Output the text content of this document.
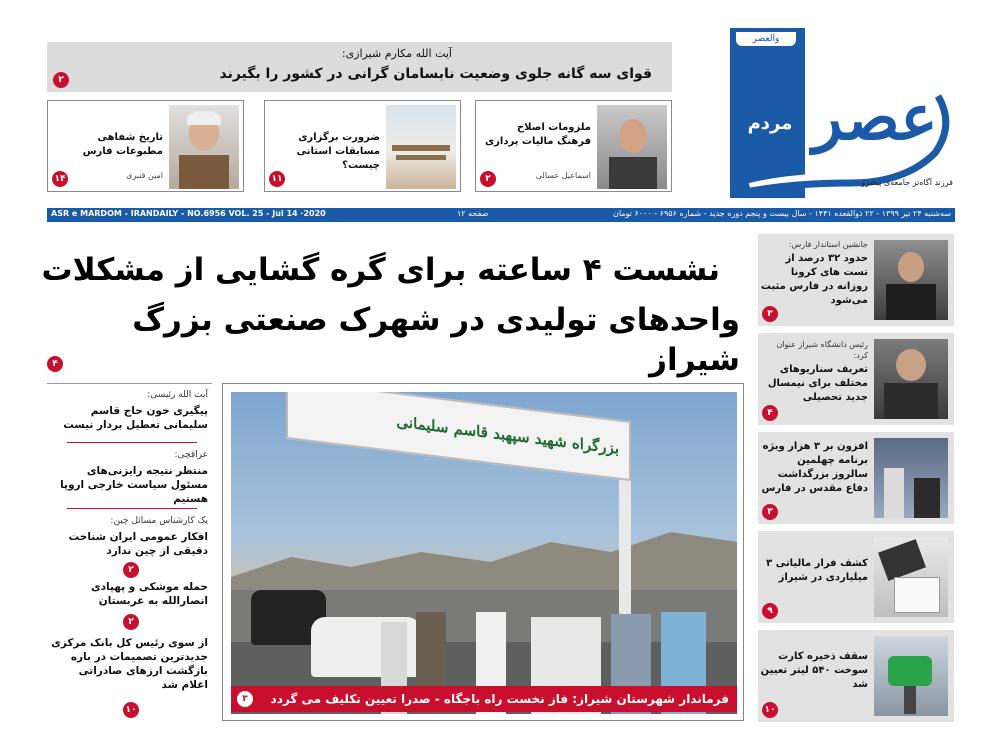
والعصر
عصر
مردم
فرزند آگاه‌تر جامعه‌ی پیشرو
آیت الله مکارم شیرازی:
قوای سه گانه جلوی وضعیت نابسامان گرانی در کشور را بگیرند
۲
ملزومات اصلاح فرهنگ مالیات پردازی
اسماعیل عسالی
۲
ضرورت برگزاری مسابقات استانی چیست؟
۱۱
تاریخ شفاهی مطبوعات فارس
امین قنبری
۱۴
ASR e MARDOM - IRANDAILY - NO.6956 VOL. 25 - Jul 14 ·2020	۱۲ صفحه	سه‌شنبه ۲۴ تیر ۱۳۹۹ - ۲۲ ذوالقعده ۱۴۴۱ - سال بیست و پنجم دوره جدید - شماره ۶۹۵۶ - ۶۰۰۰ تومان
نشست ۴ ساعته برای گره گشایی از مشکلات
واحدهای تولیدی در شهرک صنعتی بزرگ شیراز
۴
آیت الله رئیسی:
پیگیری خون حاج قاسم سلیمانی تعطیل بردار نیست
عراقچی:
منتظر نتیجه رایزنی‌های مسئول سیاست خارجی اروپا هستیم
یک کارشناس مسائل چین:
افکار عمومی ایران شناخت دقیقی از چین ندارد
۲
حمله موشکی و پهپادی انصارالله به عربستان
۲
از سوی رئیس کل بانک مرکزی جدیدترین تصمیمات در باره بازگشت ارزهای صادراتی اعلام شد
۱۰
بزرگراه شهید سپهبد قاسم سلیمانی
فرماندار شهرستان شیراز: فاز نخست راه باجگاه - صدرا تعیین تکلیف می گردد
۳
جانشین استاندار فارس:
حدود ۳۲ درصد از تست های کرونا روزانه در فارس مثبت می‌شود
۳
رئیس دانشگاه شیراز عنوان کرد:
تعریف سناریوهای مختلف برای نیمسال جدید تحصیلی
۴
افزون بر ۳ هزار ویژه برنامه چهلمین سالروز بزرگداشت دفاع مقدس در فارس
۳
کشف فرار مالیاتی ۳ میلیاردی در شیراز
۹
سقف ذخیره کارت سوخت ۵۴۰ لیتر تعیین شد
۱۰
